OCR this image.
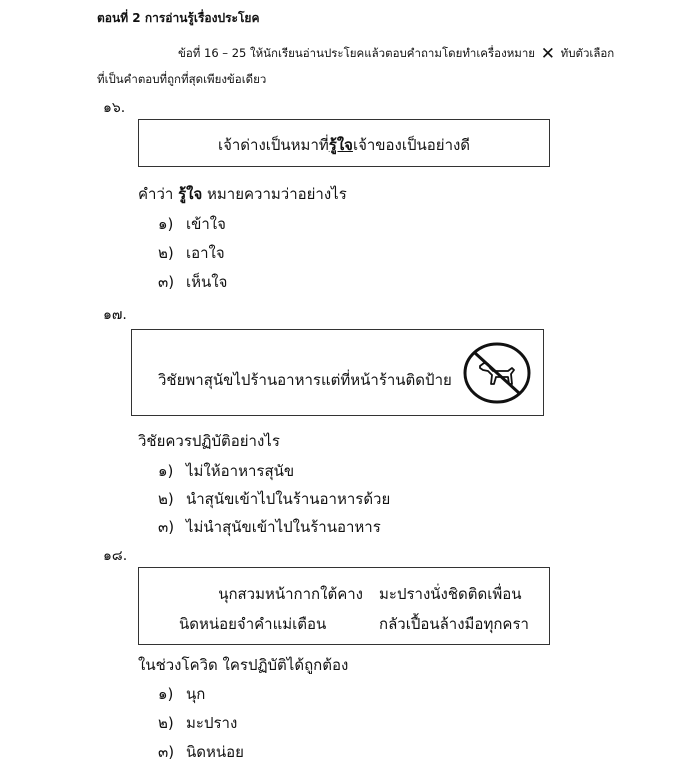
ตอนที่ 2 การอ่านรู้เรื่องประโยค
ข้อที่ 16 – 25 ให้นักเรียนอ่านประโยคแล้วตอบคำถามโดยทำเครื่องหมาย ✕ ทับตัวเลือก
ที่เป็นคำตอบที่ถูกที่สุดเพียงข้อเดียว
๑๖.
เจ้าด่างเป็นหมาที่รู้ใจเจ้าของเป็นอย่างดี
คำว่า รู้ใจ หมายความว่าอย่างไร
๑) เข้าใจ
๒) เอาใจ
๓) เห็นใจ
๑๗.
วิชัยพาสุนัขไปร้านอาหารแต่ที่หน้าร้านติดป้าย
วิชัยควรปฏิบัติอย่างไร
๑) ไม่ให้อาหารสุนัข
๒) นำสุนัขเข้าไปในร้านอาหารด้วย
๓) ไม่นำสุนัขเข้าไปในร้านอาหาร
๑๘.
นุกสวมหน้ากากใต้คาง มะปรางนั่งชิดติดเพื่อน
นิดหน่อยจำคำแม่เตือน	กลัวเปื้อนล้างมือทุกครา
ในช่วงโควิด ใครปฏิบัติได้ถูกต้อง
๑) นุก
๒) มะปราง
๓) นิดหน่อย
